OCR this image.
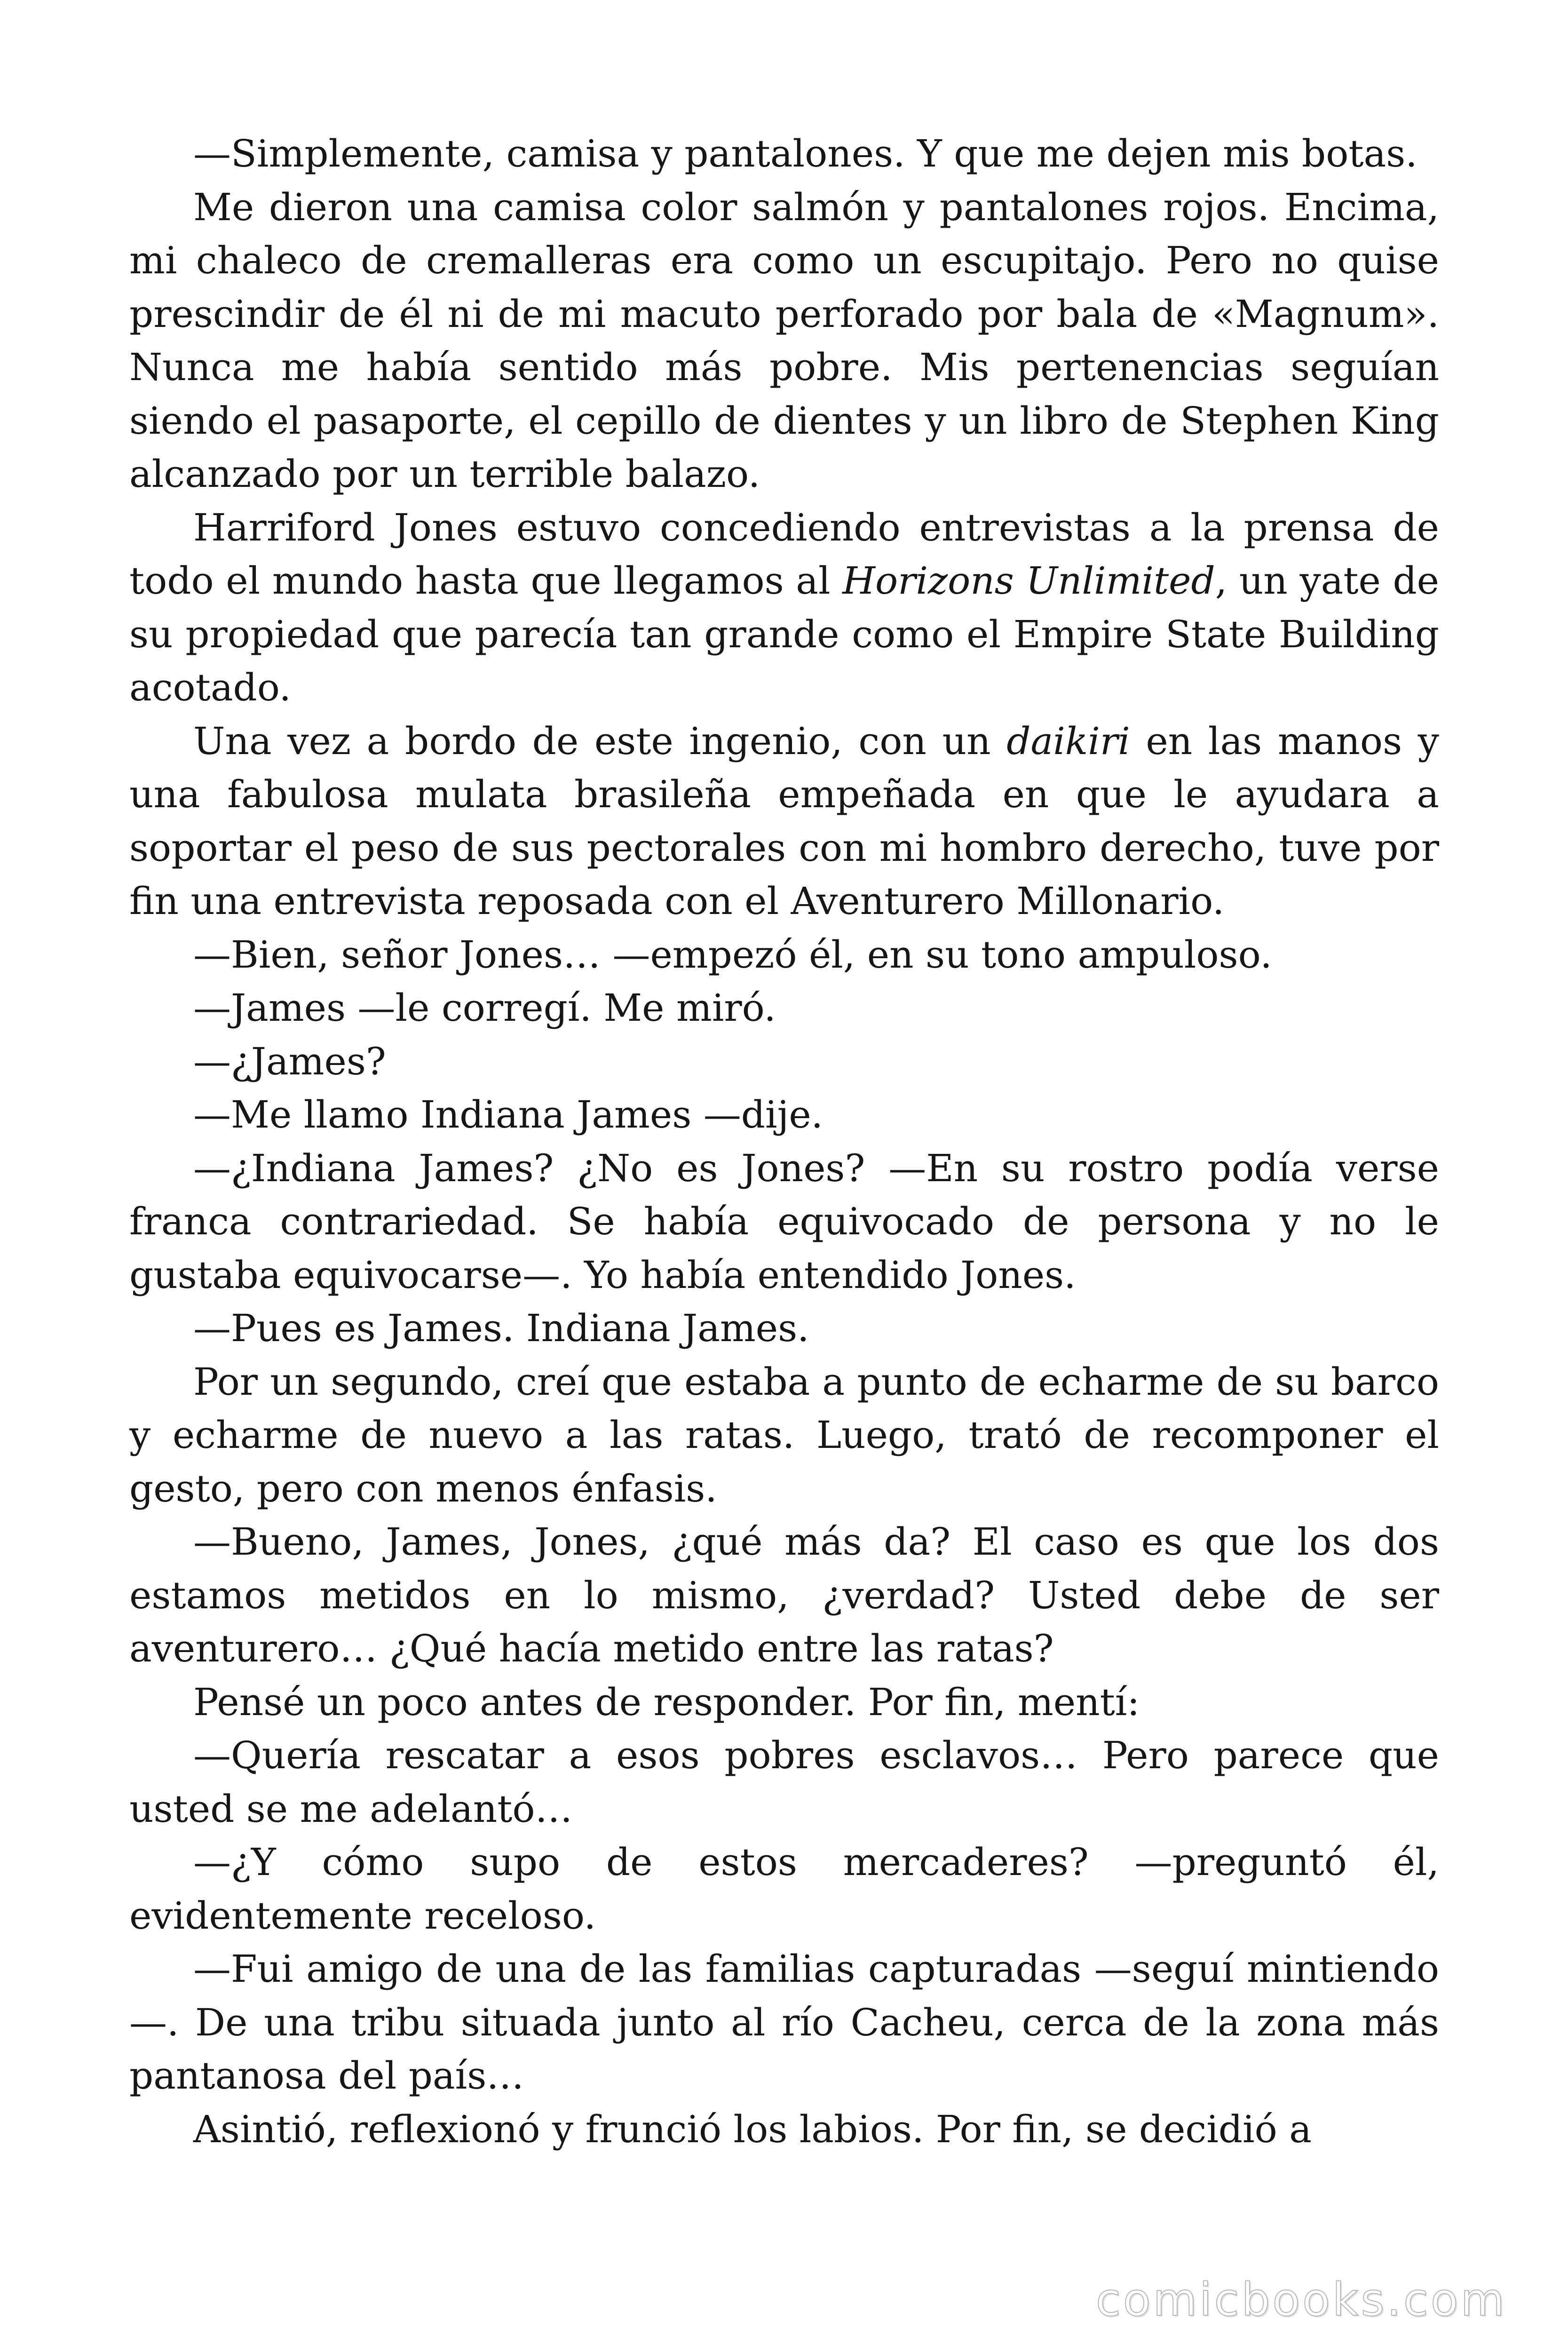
—Simplemente, camisa y pantalones. Y que me dejen mis botas.

Me dieron una camisa color salmón y pantalones rojos. Encima, mi chaleco de cremalleras era como un escupitajo. Pero no quise prescindir de él ni de mi macuto perforado por bala de «Magnum». Nunca me había sentido más pobre. Mis pertenencias seguían siendo el pasaporte, el cepillo de dientes y un libro de Stephen King alcanzado por un terrible balazo.

Harriford Jones estuvo concediendo entrevistas a la prensa de todo el mundo hasta que llegamos al Horizons Unlimited, un yate de su propiedad que parecía tan grande como el Empire State Building acotado.

Una vez a bordo de este ingenio, con un daikiri en las manos y una fabulosa mulata brasileña empeñada en que le ayudara a soportar el peso de sus pectorales con mi hombro derecho, tuve por fin una entrevista reposada con el Aventurero Millonario.

—Bien, señor Jones… —empezó él, en su tono ampuloso.

—James —le corregí. Me miró.

—¿James?

—Me llamo Indiana James —dije.

—¿Indiana James? ¿No es Jones? —En su rostro podía verse franca contrariedad. Se había equivocado de persona y no le gustaba equivocarse—. Yo había entendido Jones.

—Pues es James. Indiana James.

Por un segundo, creí que estaba a punto de echarme de su barco y echarme de nuevo a las ratas. Luego, trató de recomponer el gesto, pero con menos énfasis.

—Bueno, James, Jones, ¿qué más da? El caso es que los dos estamos metidos en lo mismo, ¿verdad? Usted debe de ser aventurero… ¿Qué hacía metido entre las ratas?

Pensé un poco antes de responder. Por fin, mentí:

—Quería rescatar a esos pobres esclavos… Pero parece que usted se me adelantó…

—¿Y cómo supo de estos mercaderes? —preguntó él, evidentemente receloso.

—Fui amigo de una de las familias capturadas —seguí mintiendo —. De una tribu situada junto al río Cacheu, cerca de la zona más pantanosa del país…

Asintió, reflexionó y frunció los labios. Por fin, se decidió a

comicbooks.com
